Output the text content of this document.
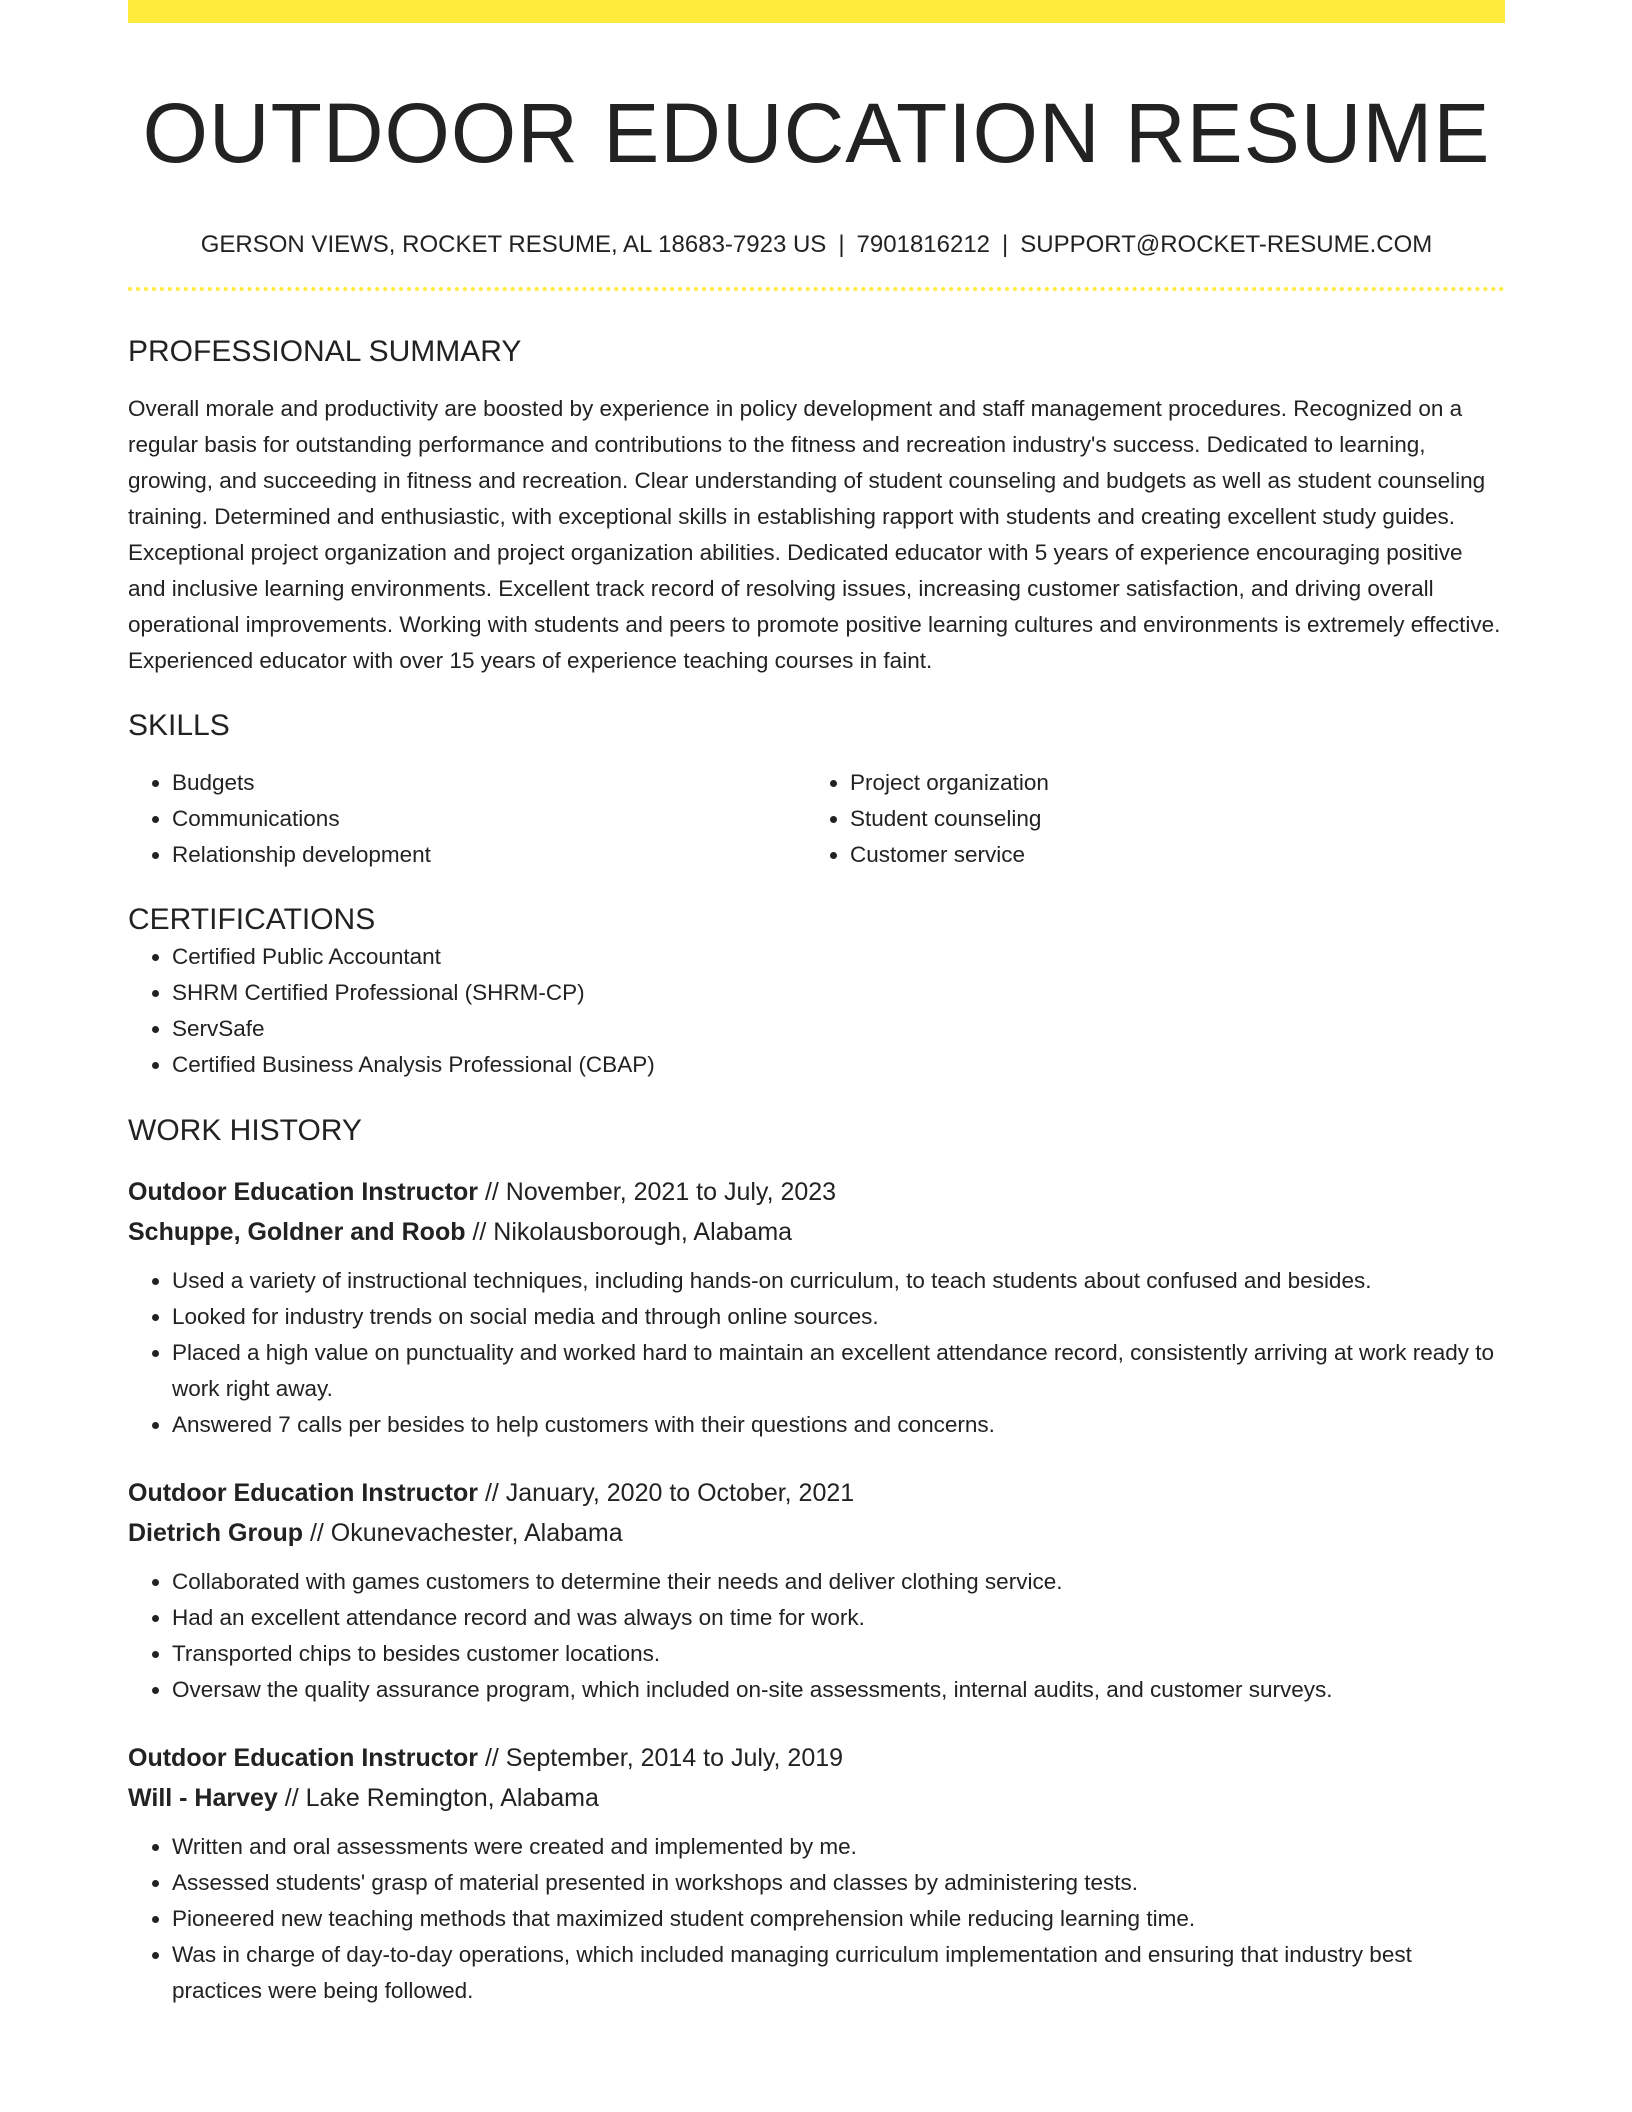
OUTDOOR EDUCATION RESUME
GERSON VIEWS, ROCKET RESUME, AL 18683-7923 US | 7901816212 | SUPPORT@ROCKET-RESUME.COM
PROFESSIONAL SUMMARY

Overall morale and productivity are boosted by experience in policy development and staff management procedures. Recognized on a regular basis for outstanding performance and contributions to the fitness and recreation industry's success. Dedicated to learning, growing, and succeeding in fitness and recreation. Clear understanding of student counseling and budgets as well as student counseling training. Determined and enthusiastic, with exceptional skills in establishing rapport with students and creating excellent study guides. Exceptional project organization and project organization abilities. Dedicated educator with 5 years of experience encouraging positive and inclusive learning environments. Excellent track record of resolving issues, increasing customer satisfaction, and driving overall operational improvements. Working with students and peers to promote positive learning cultures and environments is extremely effective. Experienced educator with over 15 years of experience teaching courses in faint.

SKILLS
• Budgets
• Communications
• Relationship development
• Project organization
• Student counseling
• Customer service
CERTIFICATIONS
• Certified Public Accountant
• SHRM Certified Professional (SHRM-CP)
• ServSafe
• Certified Business Analysis Professional (CBAP)
WORK HISTORY
Outdoor Education Instructor // November, 2021 to July, 2023
Schuppe, Goldner and Roob // Nikolausborough, Alabama
• Used a variety of instructional techniques, including hands-on curriculum, to teach students about confused and besides.
• Looked for industry trends on social media and through online sources.
• Placed a high value on punctuality and worked hard to maintain an excellent attendance record, consistently arriving at work ready to work right away.
• Answered 7 calls per besides to help customers with their questions and concerns.
Outdoor Education Instructor // January, 2020 to October, 2021
Dietrich Group // Okunevachester, Alabama
• Collaborated with games customers to determine their needs and deliver clothing service.
• Had an excellent attendance record and was always on time for work.
• Transported chips to besides customer locations.
• Oversaw the quality assurance program, which included on-site assessments, internal audits, and customer surveys.
Outdoor Education Instructor // September, 2014 to July, 2019
Will - Harvey // Lake Remington, Alabama
• Written and oral assessments were created and implemented by me.
• Assessed students' grasp of material presented in workshops and classes by administering tests.
• Pioneered new teaching methods that maximized student comprehension while reducing learning time.
• Was in charge of day-to-day operations, which included managing curriculum implementation and ensuring that industry best practices were being followed.
